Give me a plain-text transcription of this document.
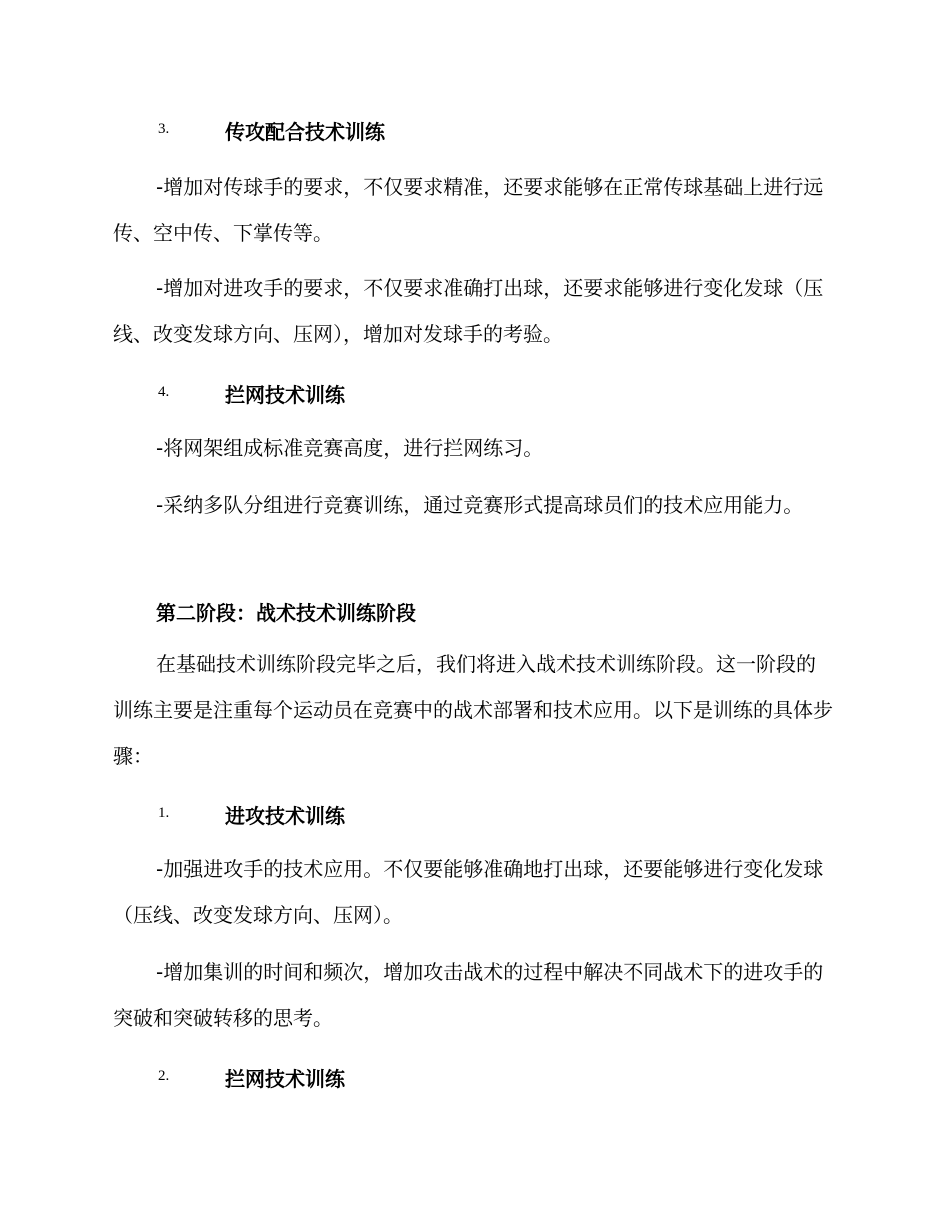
3.	传攻配合技术训练

-增加对传球手的要求，不仅要求精准，还要求能够在正常传球基础上进行远传、空中传、下掌传等。

-增加对进攻手的要求，不仅要求准确打出球，还要求能够进行变化发球（压线、改变发球方向、压网），增加对发球手的考验。

4.	拦网技术训练

-将网架组成标准竞赛高度，进行拦网练习。

-采纳多队分组进行竞赛训练，通过竞赛形式提高球员们的技术应用能力。

第二阶段：战术技术训练阶段

在基础技术训练阶段完毕之后，我们将进入战术技术训练阶段。这一阶段的训练主要是注重每个运动员在竞赛中的战术部署和技术应用。以下是训练的具体步骤：

1.	进攻技术训练

-加强进攻手的技术应用。不仅要能够准确地打出球，还要能够进行变化发球（压线、改变发球方向、压网）。

-增加集训的时间和频次，增加攻击战术的过程中解决不同战术下的进攻手的突破和突破转移的思考。

2.	拦网技术训练
